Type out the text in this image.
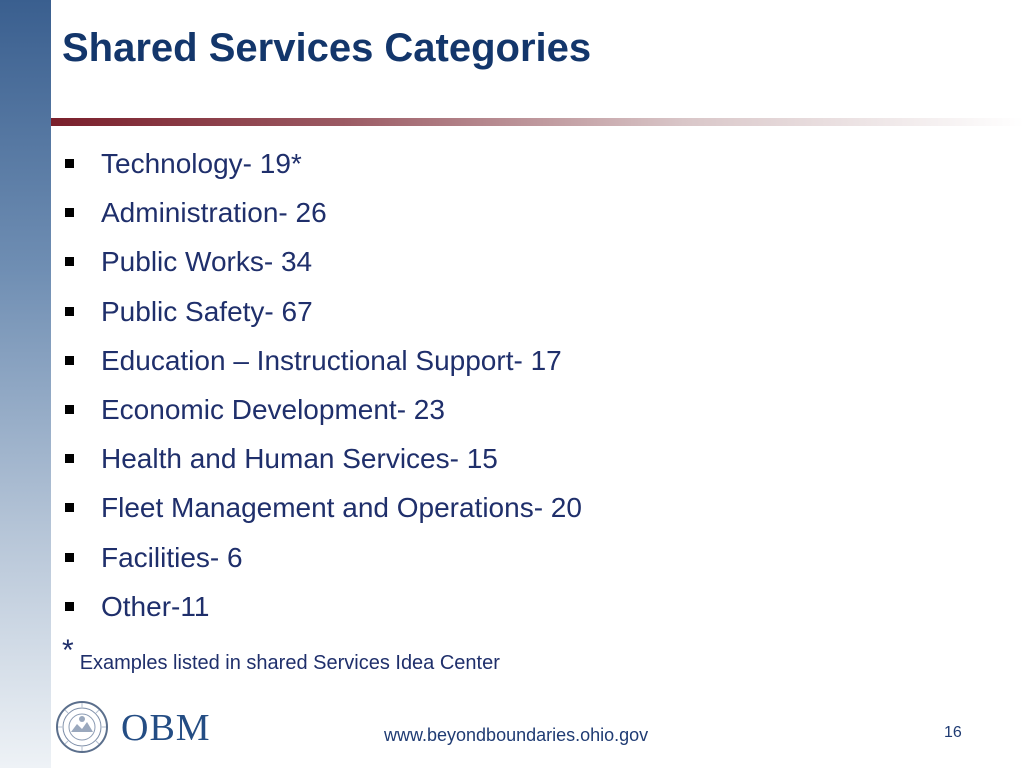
Shared Services Categories
Technology- 19*
Administration- 26
Public Works- 34
Public Safety- 67
Education – Instructional Support- 17
Economic Development- 23
Health and Human Services- 15
Fleet Management and Operations- 20
Facilities- 6
Other-11
* Examples listed in shared Services Idea Center
OBM	www.beyondboundaries.ohio.gov	16
